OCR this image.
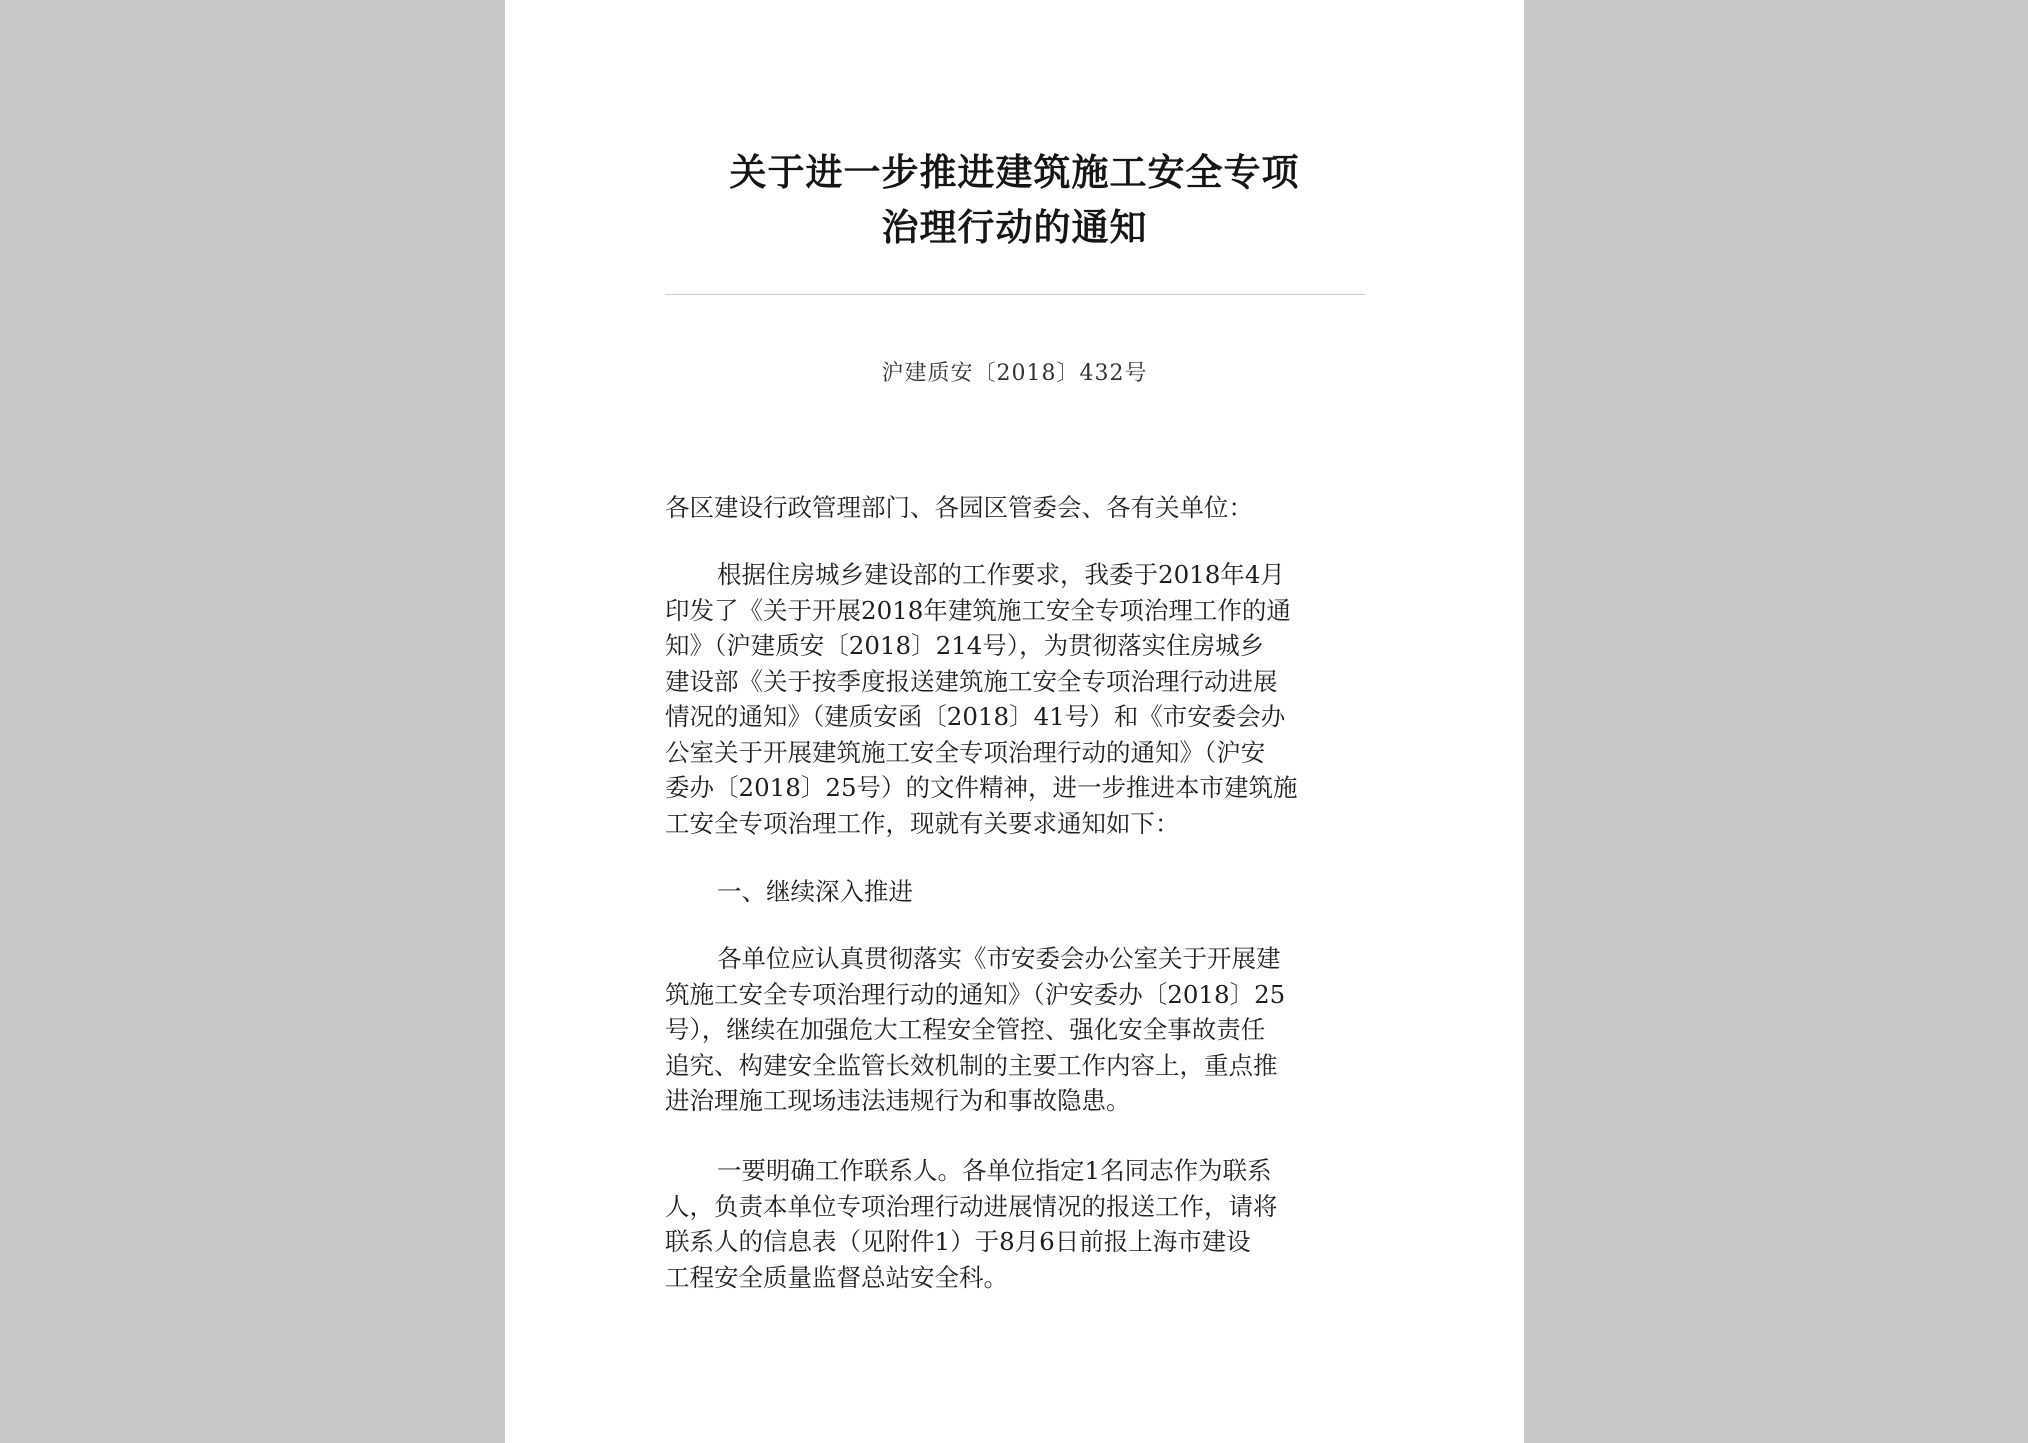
关于进一步推进建筑施工安全专项
治理行动的通知
沪建质安〔2018〕432号
各区建设行政管理部门、各园区管委会、各有关单位：
根据住房城乡建设部的工作要求，我委于2018年4月
印发了《关于开展2018年建筑施工安全专项治理工作的通
知》（沪建质安〔2018〕214号），为贯彻落实住房城乡
建设部《关于按季度报送建筑施工安全专项治理行动进展
情况的通知》（建质安函〔2018〕41号）和《市安委会办
公室关于开展建筑施工安全专项治理行动的通知》（沪安
委办〔2018〕25号）的文件精神，进一步推进本市建筑施
工安全专项治理工作，现就有关要求通知如下：
一、继续深入推进
各单位应认真贯彻落实《市安委会办公室关于开展建
筑施工安全专项治理行动的通知》（沪安委办〔2018〕25
号），继续在加强危大工程安全管控、强化安全事故责任
追究、构建安全监管长效机制的主要工作内容上，重点推
进治理施工现场违法违规行为和事故隐患。
一要明确工作联系人。各单位指定1名同志作为联系
人，负责本单位专项治理行动进展情况的报送工作，请将
联系人的信息表（见附件1）于8月6日前报上海市建设
工程安全质量监督总站安全科。
